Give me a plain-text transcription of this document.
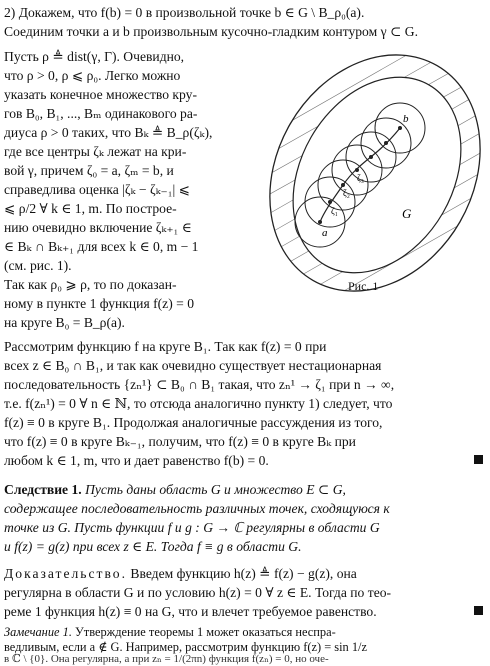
2) Докажем, что f(b) = 0 в произвольной точке b ∈ G \ B_ρ₀(a).
Соединим точки a и b произвольным кусочно-гладким контуром γ ⊂ G.
Пусть ρ ≜ dist(γ, Γ). Очевидно,
что ρ > 0, ρ ⩽ ρ₀. Легко можно
указать конечное множество кру-
гов B₀, B₁, ..., Bₘ одинакового ра-
диуса ρ > 0 таких, что Bₖ ≜ B_ρ(ζₖ),
где все центры ζₖ лежат на кри-
вой γ, причем ζ₀ = a, ζₘ = b, и
справедлива оценка |ζₖ − ζₖ₋₁| ⩽
⩽ ρ/2 ∀ k ∈ 1, m. По построе-
нию очевидно включение ζₖ₊₁ ∈
∈ Bₖ ∩ Bₖ₊₁ для всех k ∈ 0, m − 1
(см. рис. 1).
Так как ρ₀ ⩾ ρ, то по доказан-
ному в пункте 1 функция f(z) = 0
на круге B₀ = B_ρ(a).
a
b
ζ₁
ζ₂
ζ₃
G
Рис. 1
Рассмотрим функцию f на круге B₁. Так как f(z) = 0 при
всех z ∈ B₀ ∩ B₁, и так как очевидно существует нестационарная
последовательность {zₙ¹} ⊂ B₀ ∩ B₁ такая, что zₙ¹ → ζ₁ при n → ∞,
т.е. f(zₙ¹) = 0 ∀ n ∈ ℕ, то отсюда аналогично пункту 1) следует, что
f(z) ≡ 0 в круге B₁. Продолжая аналогичные рассуждения из того,
что f(z) ≡ 0 в круге Bₖ₋₁, получим, что f(z) ≡ 0 в круге Bₖ при
любом k ∈ 1, m, что и дает равенство f(b) = 0.
Следствие 1. Пусть даны область G и множество E ⊂ G,
содержащее последовательность различных точек, сходящуюся к
точке из G. Пусть функции f и g : G → ℂ регулярны в области G
и f(z) = g(z) при всех z ∈ E. Тогда f ≡ g в области G.
Доказательство. Введем функцию h(z) ≜ f(z) − g(z), она
регулярна в области G и по условию h(z) = 0 ∀ z ∈ E. Тогда по тео-
реме 1 функция h(z) ≡ 0 на G, что и влечет требуемое равенство.
Замечание 1. Утверждение теоремы 1 может оказаться неспра-
ведливым, если a ∉ G. Например, рассмотрим функцию f(z) = sin 1/z
в ℂ \ {0}. Она регулярна, а при zₙ = 1/(2πn) функция f(zₙ) = 0, но оче-
